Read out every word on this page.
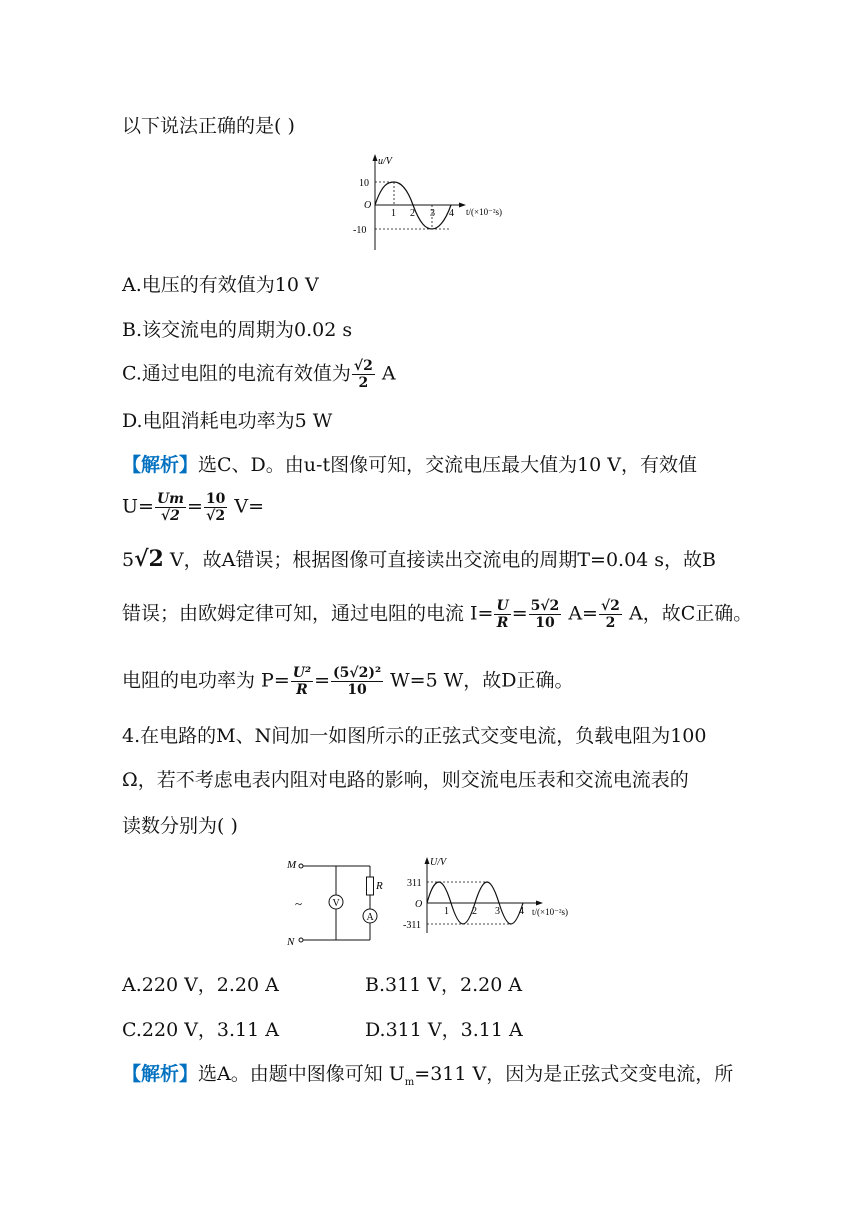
以下说法正确的是( )
u/V
t/(×10⁻²s)
O
10
-10
1 2 3 4
A.电压的有效值为10 V
B.该交流电的周期为0.02 s
C.通过电阻的电流有效值为 $\frac{√2}{2}$ A
D.电阻消耗电功率为5 W
【解析】选C、D。由u-t图像可知，交流电压最大值为10 V，有效值
$U= \frac{Um}{√2} = \frac{10}{√2} V=$
5√2 V，故A错误；根据图像可直接读出交流电的周期T=0.04 s，故B
错误；由欧姆定律可知，通过电阻的电流 $I= \frac{U}{R} = \frac{5√2}{10} A= \frac{√2}{2}$ A，故C正确。
电阻的电功率为 $P= \frac{\text{U²}}{R} = \frac{\text{(5√2)²}}{10} W=5$ W，故D正确。
4.在电路的M、N间加一如图所示的正弦式交变电流，负载电阻为100
Ω，若不考虑电表内阻对电路的影响，则交流电压表和交流电流表的
读数分别为( )
V
A
M
N
~
R
U/V
t/(×10⁻²s)
O
311
-311
1 2 3 4
A.220 V，2.20 A	B.311 V，2.20 A
C.220 V，3.11 A	D.311 V，3.11 A
【解析】选A。由题中图像可知 $U_m=311$ V，因为是正弦式交变电流，所
